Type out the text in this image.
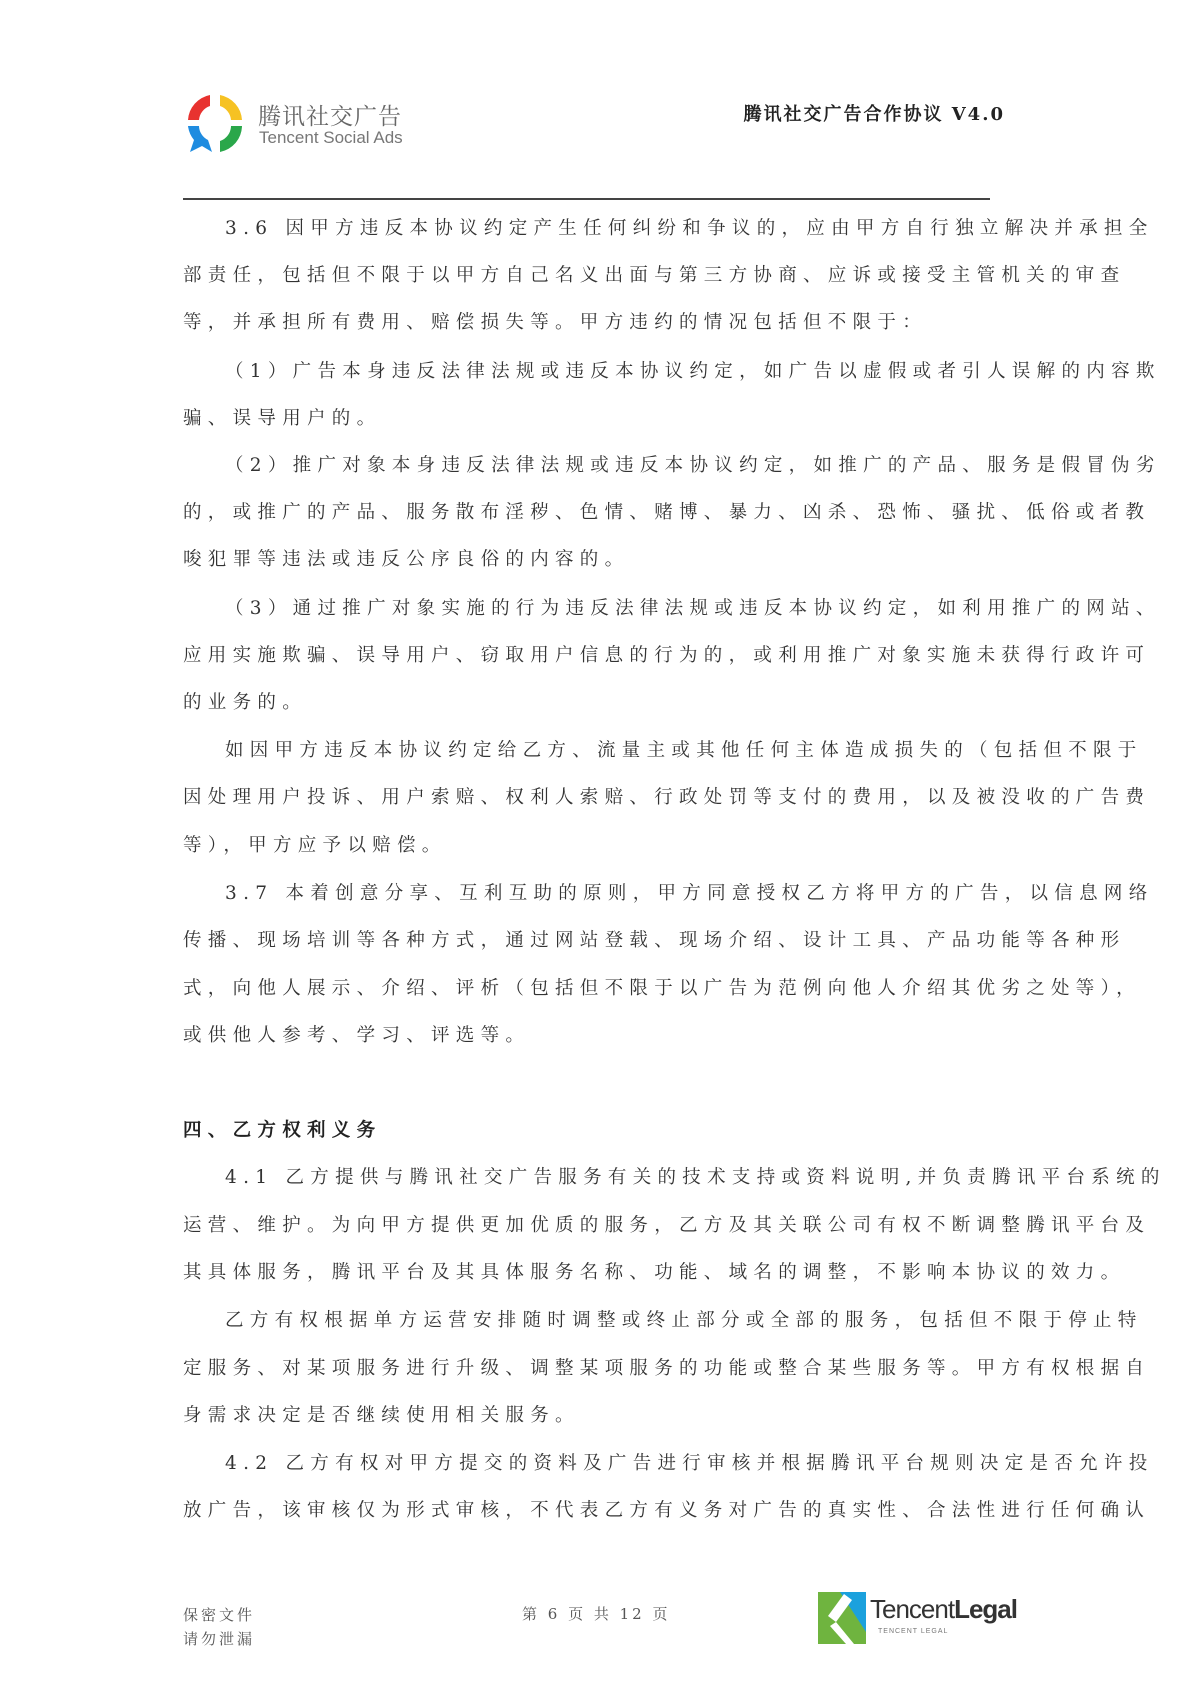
腾讯社交广告
Tencent Social Ads
腾讯社交广告合作协议 V4.0
3.6 因甲方违反本协议约定产生任何纠纷和争议的，应由甲方自行独立解决并承担全
部责任，包括但不限于以甲方自己名义出面与第三方协商、应诉或接受主管机关的审查
等，并承担所有费用、赔偿损失等。甲方违约的情况包括但不限于：
（1）广告本身违反法律法规或违反本协议约定，如广告以虚假或者引人误解的内容欺
骗、误导用户的。
（2）推广对象本身违反法律法规或违反本协议约定，如推广的产品、服务是假冒伪劣
的，或推广的产品、服务散布淫秽、色情、赌博、暴力、凶杀、恐怖、骚扰、低俗或者教
唆犯罪等违法或违反公序良俗的内容的。
（3）通过推广对象实施的行为违反法律法规或违反本协议约定，如利用推广的网站、
应用实施欺骗、误导用户、窃取用户信息的行为的，或利用推广对象实施未获得行政许可
的业务的。
如因甲方违反本协议约定给乙方、流量主或其他任何主体造成损失的（包括但不限于
因处理用户投诉、用户索赔、权利人索赔、行政处罚等支付的费用，以及被没收的广告费
等），甲方应予以赔偿。
3.7 本着创意分享、互利互助的原则，甲方同意授权乙方将甲方的广告，以信息网络
传播、现场培训等各种方式，通过网站登载、现场介绍、设计工具、产品功能等各种形
式，向他人展示、介绍、评析（包括但不限于以广告为范例向他人介绍其优劣之处等），
或供他人参考、学习、评选等。
四、乙方权利义务
4.1 乙方提供与腾讯社交广告服务有关的技术支持或资料说明,并负责腾讯平台系统的
运营、维护。为向甲方提供更加优质的服务，乙方及其关联公司有权不断调整腾讯平台及
其具体服务，腾讯平台及其具体服务名称、功能、域名的调整，不影响本协议的效力。
乙方有权根据单方运营安排随时调整或终止部分或全部的服务，包括但不限于停止特
定服务、对某项服务进行升级、调整某项服务的功能或整合某些服务等。甲方有权根据自
身需求决定是否继续使用相关服务。
4.2 乙方有权对甲方提交的资料及广告进行审核并根据腾讯平台规则决定是否允许投
放广告，该审核仅为形式审核，不代表乙方有义务对广告的真实性、合法性进行任何确认
保密文件
请勿泄漏
第 6 页 共 12 页	TencentLegal
TENCENT LEGAL
